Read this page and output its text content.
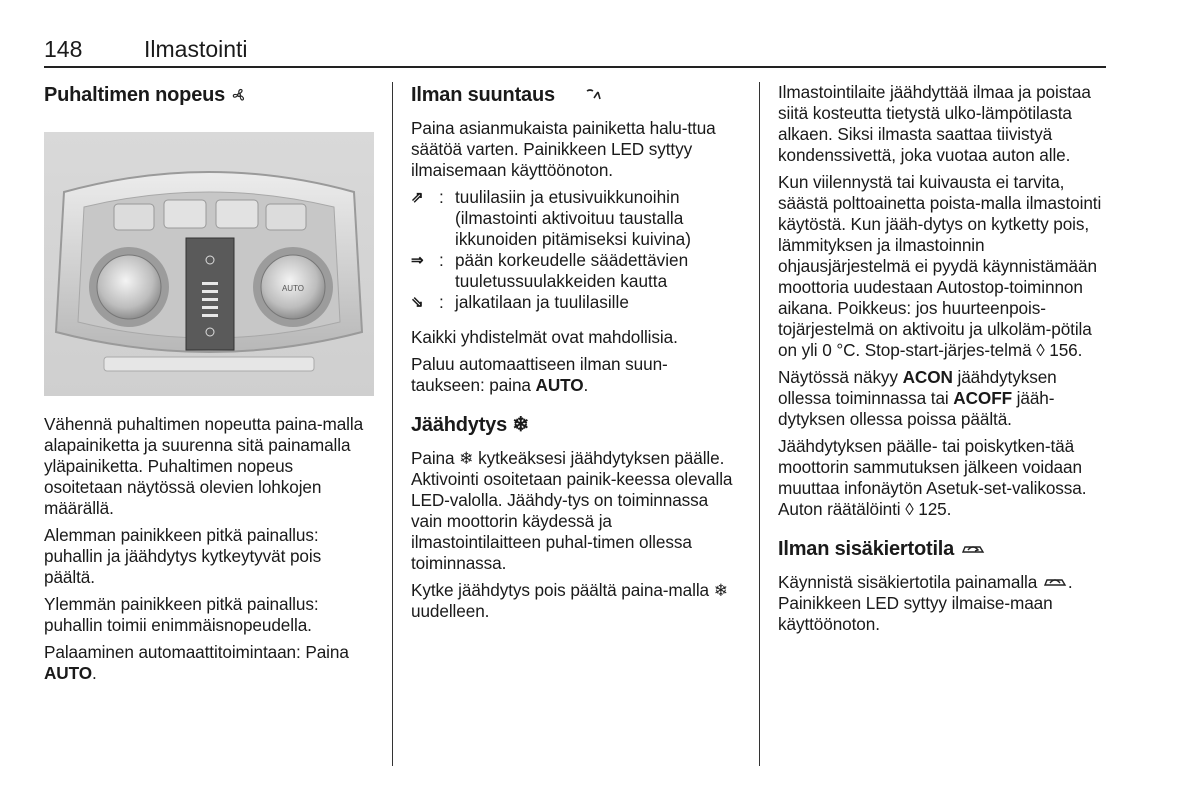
148	Ilmastointi
Puhaltimen nopeus
AUTO

Vähennä puhaltimen nopeutta paina-malla alapainiketta ja suurenna sitä painamalla yläpainiketta. Puhaltimen nopeus osoitetaan näytössä olevien lohkojen määrällä.

Alemman painikkeen pitkä painallus: puhallin ja jäähdytys kytkeytyvät pois päältä.

Ylemmän painikkeen pitkä painallus: puhallin toimii enimmäisnopeudella.

Palaaminen automaattitoimintaan: Paina AUTO.

Ilman suuntaus

Paina asianmukaista painiketta halu-ttua säätöä varten. Painikkeen LED syttyy ilmaisemaan käyttöönoton.

⇗ : tuulilasiin ja etusivuikkunoihin (ilmastointi aktivoituu taustalla ikkunoiden pitämiseksi kuivina)
⇒ : pään korkeudelle säädettävien tuuletussuulakkeiden kautta
⇘ : jalkatilaan ja tuulilasille

Kaikki yhdistelmät ovat mahdollisia.

Paluu automaattiseen ilman suun-taukseen: paina AUTO.

Jäähdytys ❄

Paina ❄ kytkeäksesi jäähdytyksen päälle. Aktivointi osoitetaan painik-keessa olevalla LED-valolla. Jäähdy-tys on toiminnassa vain moottorin käydessä ja ilmastointilaitteen puhal-timen ollessa toiminnassa.

Kytke jäähdytys pois päältä paina-malla ❄ uudelleen.

Ilmastointilaite jäähdyttää ilmaa ja poistaa siitä kosteutta tietystä ulko-lämpötilasta alkaen. Siksi ilmasta saattaa tiivistyä kondenssivettä, joka vuotaa auton alle.

Kun viilennystä tai kuivausta ei tarvita, säästä polttoainetta poista-malla ilmastointi käytöstä. Kun jääh-dytys on kytketty pois, lämmityksen ja ilmastoinnin ohjausjärjestelmä ei pyydä käynnistämään moottoria uudestaan Autostop-toiminnon aikana. Poikkeus: jos huurteenpois-tojärjestelmä on aktivoitu ja ulkoläm-pötila on yli 0 °C. Stop-start-järjes-telmä ◊ 156.

Näytössä näkyy ACON jäähdytyksen ollessa toiminnassa tai ACOFF jääh-dytyksen ollessa poissa päältä.

Jäähdytyksen päälle- tai poiskytken-tää moottorin sammutuksen jälkeen voidaan muuttaa infonäytön Asetuk-set-valikossa. Auton räätälöinti ◊ 125.

Ilman sisäkiertotila

Käynnistä sisäkiertotila painamalla . Painikkeen LED syttyy ilmaise-maan käyttöönoton.
